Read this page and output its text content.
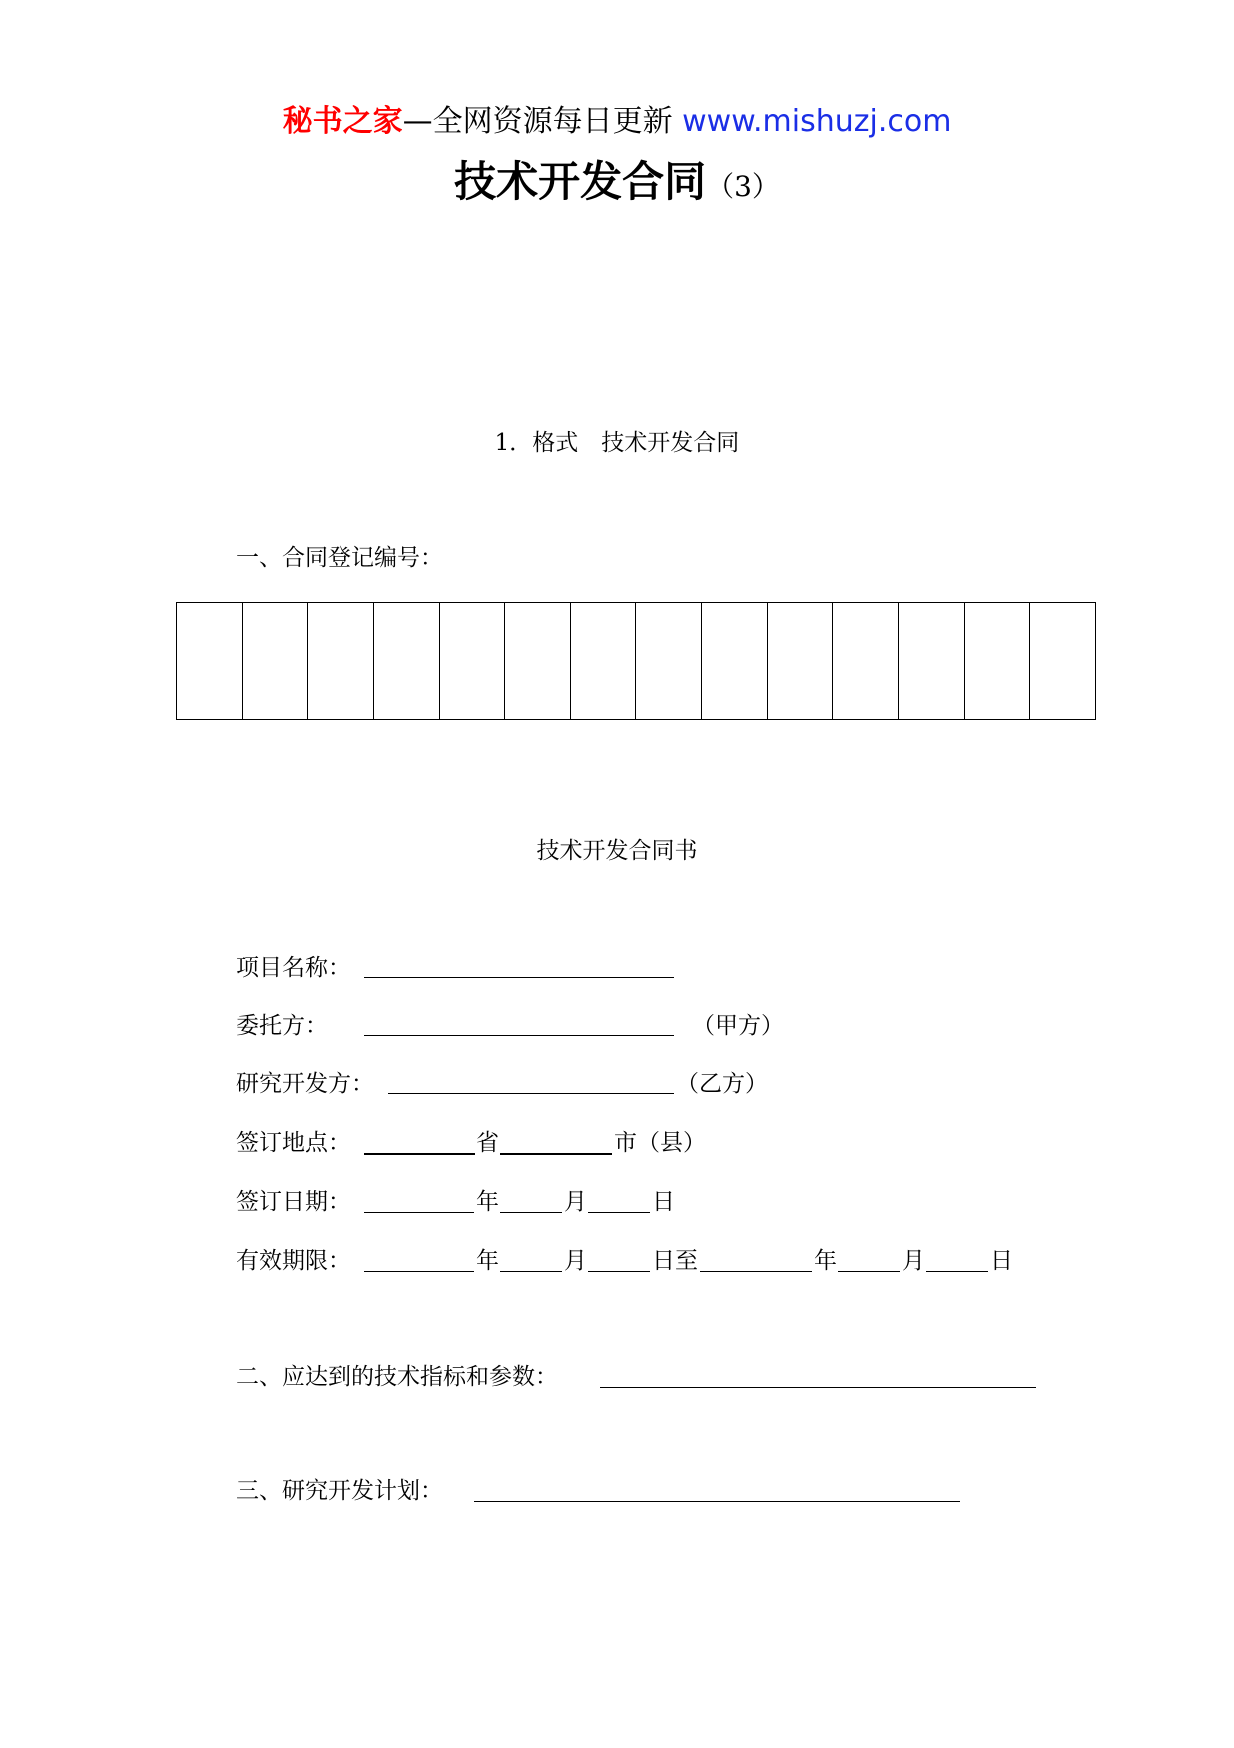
秘书之家—全网资源每日更新 www.mishuzj.com
技术开发合同（3）
1．格式　技术开发合同
一、合同登记编号：
技术开发合同书
项目名称：
委托方：	（甲方）
研究开发方：	（乙方）
签订地点：	省	市（县）
签订日期：	年	月	日
有效期限：	年	月	日至	年	月	日
二、应达到的技术指标和参数：
三、研究开发计划：
